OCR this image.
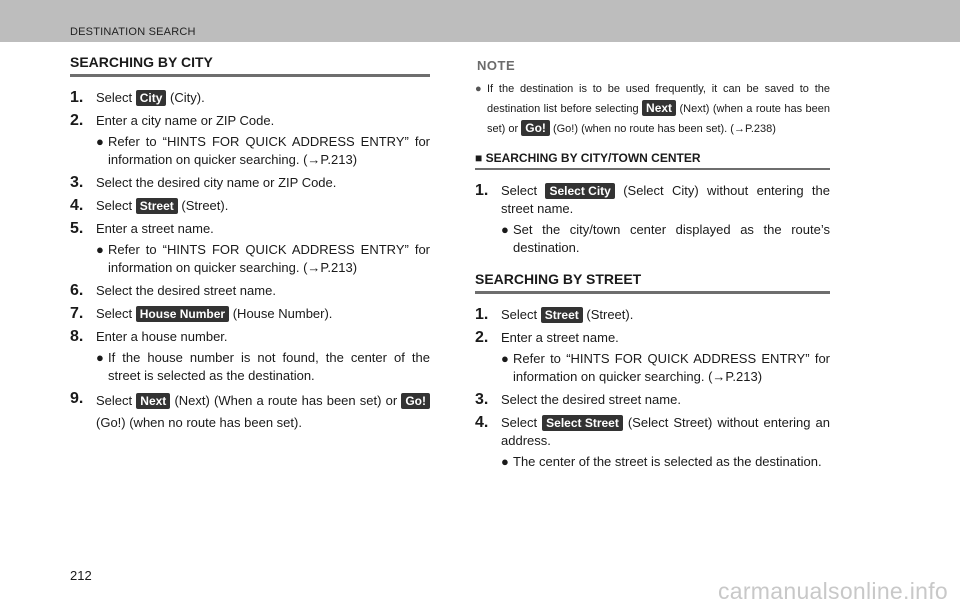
DESTINATION SEARCH
SEARCHING BY CITY
1. Select City (City).
2. Enter a city name or ZIP Code.
● Refer to “HINTS FOR QUICK ADDRESS ENTRY” for information on quicker searching. (→P.213)
3. Select the desired city name or ZIP Code.
4. Select Street (Street).
5. Enter a street name.
● Refer to “HINTS FOR QUICK ADDRESS ENTRY” for information on quicker searching. (→P.213)
6. Select the desired street name.
7. Select House Number (House Number).
8. Enter a house number.
● If the house number is not found, the center of the street is selected as the destination.
9. Select Next (Next) (When a route has been set) or Go! (Go!) (when no route has been set).
NOTE
● If the destination is to be used frequently, it can be saved to the destination list before selecting Next (Next) (when a route has been set) or Go! (Go!) (when no route has been set). (→P.238)
■ SEARCHING BY CITY/TOWN CENTER
1. Select Select City (Select City) without entering the street name.
● Set the city/town center displayed as the route’s destination.
SEARCHING BY STREET
1. Select Street (Street).
2. Enter a street name.
● Refer to “HINTS FOR QUICK ADDRESS ENTRY” for information on quicker searching. (→P.213)
3. Select the desired street name.
4. Select Select Street (Select Street) without entering an address.
● The center of the street is selected as the destination.
212
carmanualsonline.info
